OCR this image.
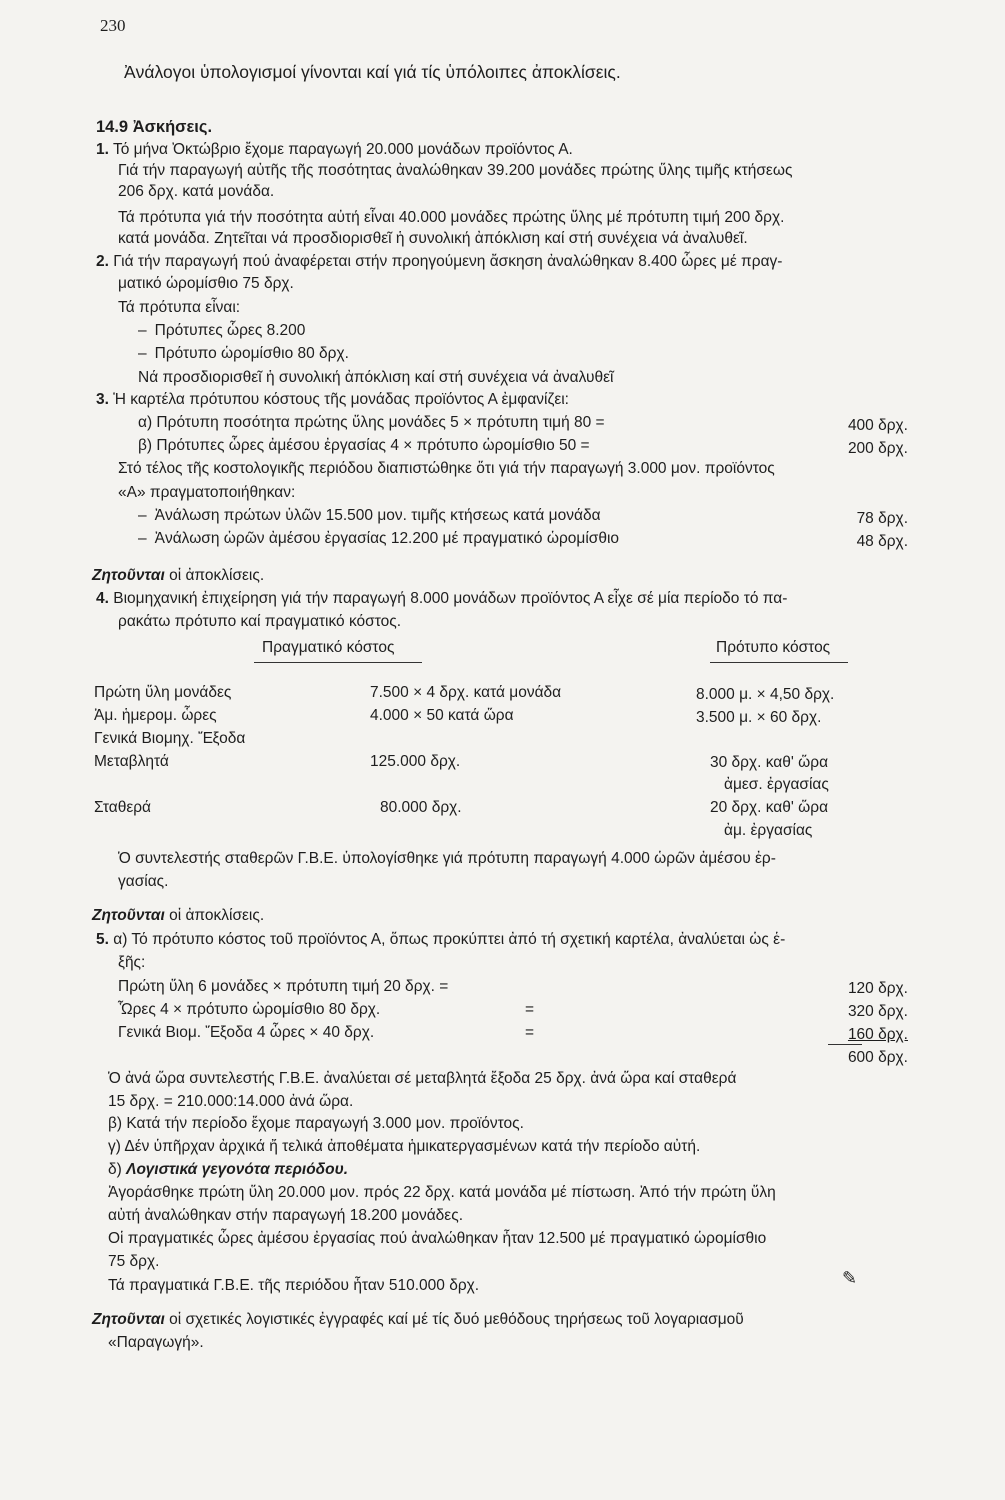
230
Ἀνάλογοι ὑπολογισμοί γίνονται καί γιά τίς ὑπόλοιπες ἀποκλίσεις.
14.9 Ἀσκήσεις.
1. Τό μήνα Ὀκτώβριο ἔχομε παραγωγή 20.000 μονάδων προϊόντος Α.
Γιά τήν παραγωγή αὐτῆς τῆς ποσότητας ἀναλώθηκαν 39.200 μονάδες πρώτης ὕλης τιμῆς κτήσεως
206 δρχ. κατά μονάδα.
Τά πρότυπα γιά τήν ποσότητα αὐτή εἶναι 40.000 μονάδες πρώτης ὕλης μέ πρότυπη τιμή 200 δρχ.
κατά μονάδα. Ζητεῖται νά προσδιορισθεῖ ἡ συνολική ἀπόκλιση καί στή συνέχεια νά ἀναλυθεῖ.
2. Γιά τήν παραγωγή πού ἀναφέρεται στήν προηγούμενη ἄσκηση ἀναλώθηκαν 8.400 ὧρες μέ πραγ-
ματικό ὡρομίσθιο 75 δρχ.
Τά πρότυπα εἶναι:
– Πρότυπες ὧρες 8.200
– Πρότυπο ὡρομίσθιο 80 δρχ.
Νά προσδιορισθεῖ ἡ συνολική ἀπόκλιση καί στή συνέχεια νά ἀναλυθεῖ
3. Ἡ καρτέλα πρότυπου κόστους τῆς μονάδας προϊόντος Α ἐμφανίζει:
α) Πρότυπη ποσότητα πρώτης ὕλης μονάδες 5 × πρότυπη τιμή 80 =	400 δρχ.
β) Πρότυπες ὧρες ἀμέσου ἐργασίας 4 × πρότυπο ὡρομίσθιο 50 =	200 δρχ.
Στό τέλος τῆς κοστολογικῆς περιόδου διαπιστώθηκε ὅτι γιά τήν παραγωγή 3.000 μον. προϊόντος
«Α» πραγματοποιήθηκαν:
– Ἀνάλωση πρώτων ὑλῶν 15.500 μον. τιμῆς κτήσεως κατά μονάδα	78 δρχ.
– Ἀνάλωση ὡρῶν ἀμέσου ἐργασίας 12.200 μέ πραγματικό ὡρομίσθιο	48 δρχ.
Ζητοῦνται οἱ ἀποκλίσεις.
4. Βιομηχανική ἐπιχείρηση γιά τήν παραγωγή 8.000 μονάδων προϊόντος Α εἶχε σέ μία περίοδο τό πα-
ρακάτω πρότυπο καί πραγματικό κόστος.
Πραγματικό κόστος	Πρότυπο κόστος
Πρώτη ὕλη μονάδες	7.500 × 4 δρχ. κατά μονάδα	8.000 μ. × 4,50 δρχ.
Ἀμ. ἡμερομ. ὧρες	4.000 × 50 κατά ὥρα	3.500 μ. × 60 δρχ.
Γενικά Βιομηχ. Ἔξοδα
Μεταβλητά	125.000 δρχ.	30 δρχ. καθ' ὥρα
ἀμεσ. ἐργασίας
Σταθερά	80.000 δρχ.	20 δρχ. καθ' ὥρα
ἀμ. ἐργασίας
Ὁ συντελεστής σταθερῶν Γ.Β.Ε. ὑπολογίσθηκε γιά πρότυπη παραγωγή 4.000 ὡρῶν ἀμέσου ἐρ-
γασίας.
Ζητοῦνται οἱ ἀποκλίσεις.
5. α) Τό πρότυπο κόστος τοῦ προϊόντος Α, ὅπως προκύπτει ἀπό τή σχετική καρτέλα, ἀναλύεται ὡς ἑ-
ξῆς:
Πρώτη ὕλη 6 μονάδες × πρότυπη τιμή 20 δρχ. =	120 δρχ.
Ὧρες 4 × πρότυπο ὡρομίσθιο 80 δρχ.	=	320 δρχ.
Γενικά Βιομ. Ἔξοδα 4 ὧρες × 40 δρχ.	=	160 δρχ.
600 δρχ.
Ὁ ἀνά ὥρα συντελεστής Γ.Β.Ε. ἀναλύεται σέ μεταβλητά ἔξοδα 25 δρχ. ἀνά ὥρα καί σταθερά
15 δρχ. = 210.000:14.000 ἀνά ὥρα.
β) Κατά τήν περίοδο ἔχομε παραγωγή 3.000 μον. προϊόντος.
γ) Δέν ὑπῆρχαν ἀρχικά ἤ τελικά ἀποθέματα ἡμικατεργασμένων κατά τήν περίοδο αὐτή.
δ) Λογιστικά γεγονότα περιόδου.
Ἀγοράσθηκε πρώτη ὕλη 20.000 μον. πρός 22 δρχ. κατά μονάδα μέ πίστωση. Ἀπό τήν πρώτη ὕλη
αὐτή ἀναλώθηκαν στήν παραγωγή 18.200 μονάδες.
Οἱ πραγματικές ὧρες ἀμέσου ἐργασίας πού ἀναλώθηκαν ἦταν 12.500 μέ πραγματικό ὡρομίσθιο
75 δρχ.
Τά πραγματικά Γ.Β.Ε. τῆς περιόδου ἦταν 510.000 δρχ.	✎
Ζητοῦνται οἱ σχετικές λογιστικές ἐγγραφές καί μέ τίς δυό μεθόδους τηρήσεως τοῦ λογαριασμοῦ
«Παραγωγή».
